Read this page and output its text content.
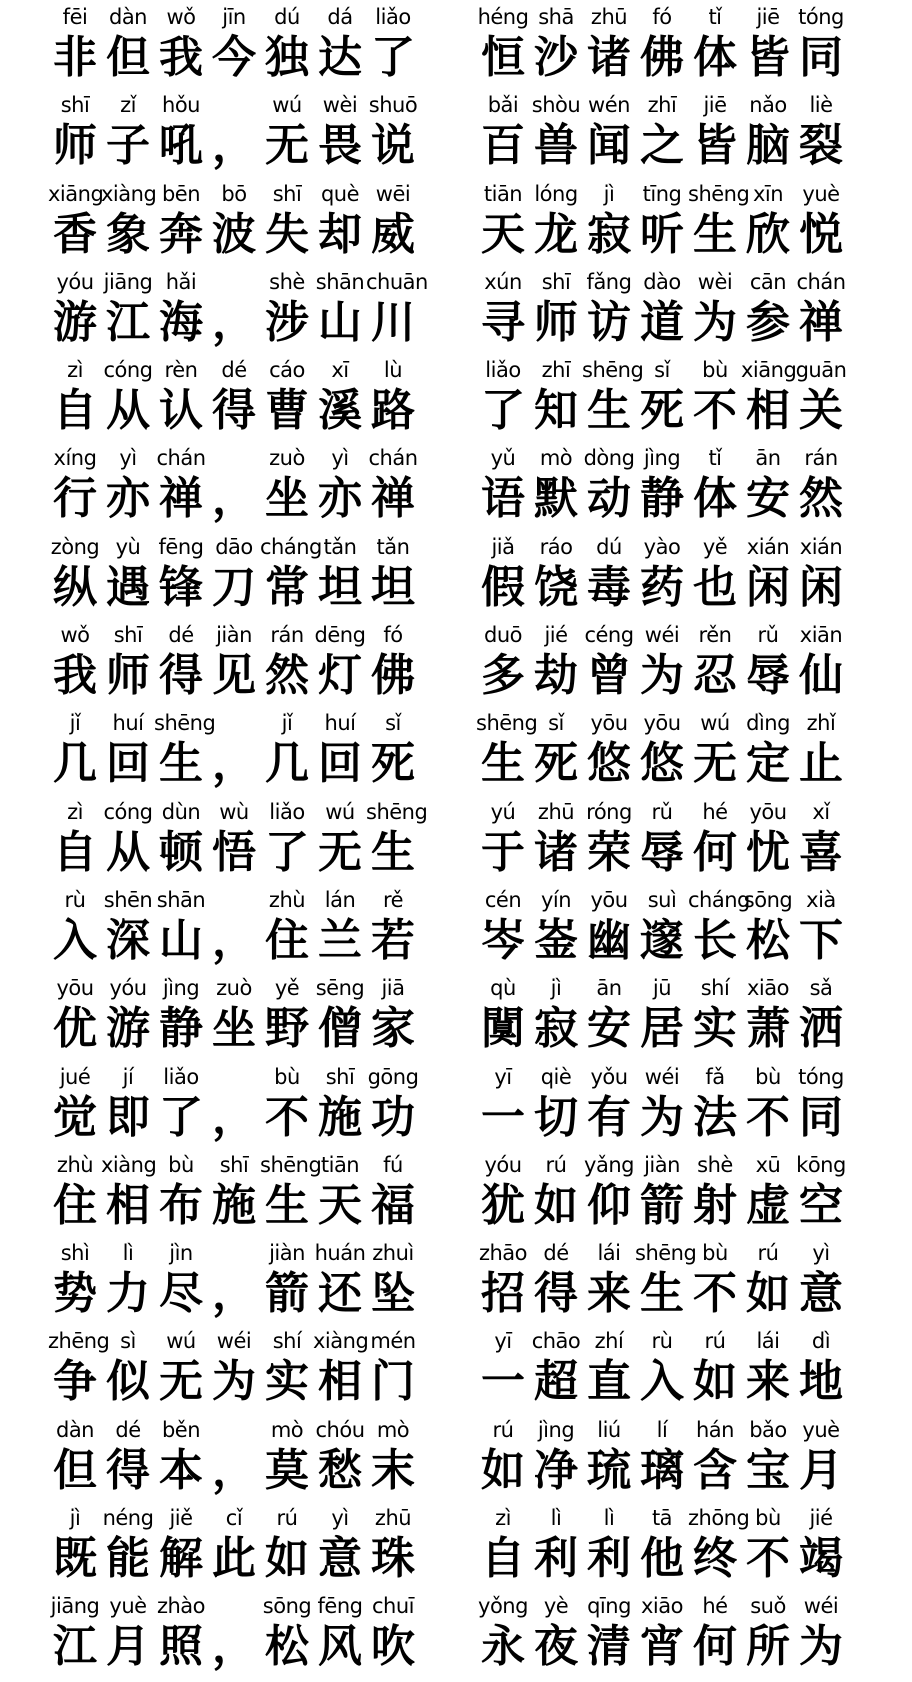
fēi
非
dàn
但
wǒ
我
jīn
今
dú
独
dá
达
liǎo
了
shī
师
zǐ
子
hǒu
吼 ，
wú
无
wèi
畏
shuō
说
xiāng
香
xiàng
象
bēn
奔
bō
波
shī
失
què
却
wēi
威
yóu
游
jiāng
江
hǎi
海 ，
shè
涉
shān
山
chuān
川
zì
自
cóng
从
rèn
认
dé
得
cáo
曹
xī
溪
lù
路
xíng
行
yì
亦
chán
禅 ，
zuò
坐
yì
亦
chán
禅
zòng
纵
yù
遇
fēng
锋
dāo
刀
cháng
常
tǎn
坦
tǎn
坦
wǒ
我
shī
师
dé
得
jiàn
见
rán
然
dēng
灯
fó
佛
jǐ
几
huí
回
shēng
生 ，
jǐ
几
huí
回
sǐ
死
zì
自
cóng
从
dùn
顿
wù
悟
liǎo
了
wú
无
shēng
生
rù
入
shēn
深
shān
山 ，
zhù
住
lán
兰
rě
若
yōu
优
yóu
游
jìng
静
zuò
坐
yě
野
sēng
僧
jiā
家
jué
觉
jí
即
liǎo
了 ，
bù
不
shī
施
gōng
功
zhù
住
xiàng
相
bù
布
shī
施
shēng
生
tiān
天
fú
福
shì
势
lì
力
jìn
尽 ，
jiàn
箭
huán
还
zhuì
坠
zhēng
争
sì
似
wú
无
wéi
为
shí
实
xiàng
相
mén
门
dàn
但
dé
得
běn
本 ，
mò
莫
chóu
愁
mò
末
jì
既
néng
能
jiě
解
cǐ
此
rú
如
yì
意
zhū
珠
jiāng
江
yuè
月
zhào
照 ，
sōng
松
fēng
风
chuī
吹
héng
恒
shā
沙
zhū
诸
fó
佛
tǐ
体
jiē
皆
tóng
同
bǎi
百
shòu
兽
wén
闻
zhī
之
jiē
皆
nǎo
脑
liè
裂
tiān
天
lóng
龙
jì
寂
tīng
听
shēng
生
xīn
欣
yuè
悦
xún
寻
shī
师
fǎng
访
dào
道
wèi
为
cān
参
chán
禅
liǎo
了
zhī
知
shēng
生
sǐ
死
bù
不
xiāng
相
guān
关
yǔ
语
mò
默
dòng
动
jìng
静
tǐ
体
ān
安
rán
然
jiǎ
假
ráo
饶
dú
毒
yào
药
yě
也
xián
闲
xián
闲
duō
多
jié
劫
céng
曾
wéi
为
rěn
忍
rǔ
辱
xiān
仙
shēng
生
sǐ
死
yōu
悠
yōu
悠
wú
无
dìng
定
zhǐ
止
yú
于
zhū
诸
róng
荣
rǔ
辱
hé
何
yōu
忧
xǐ
喜
cén
岑
yín
崟
yōu
幽
suì
邃
cháng
长
sōng
松
xià
下
qù
闃
jì
寂
ān
安
jū
居
shí
实
xiāo
萧
sǎ
洒
yī
一
qiè
切
yǒu
有
wéi
为
fǎ
法
bù
不
tóng
同
yóu
犹
rú
如
yǎng
仰
jiàn
箭
shè
射
xū
虚
kōng
空
zhāo
招
dé
得
lái
来
shēng
生
bù
不
rú
如
yì
意
yī
一
chāo
超
zhí
直
rù
入
rú
如
lái
来
dì
地
rú
如
jìng
净
liú
琉
lí
璃
hán
含
bǎo
宝
yuè
月
zì
自
lì
利
lì
利
tā
他
zhōng
终
bù
不
jié
竭
yǒng
永
yè
夜
qīng
清
xiāo
宵
hé
何
suǒ
所
wéi
为
